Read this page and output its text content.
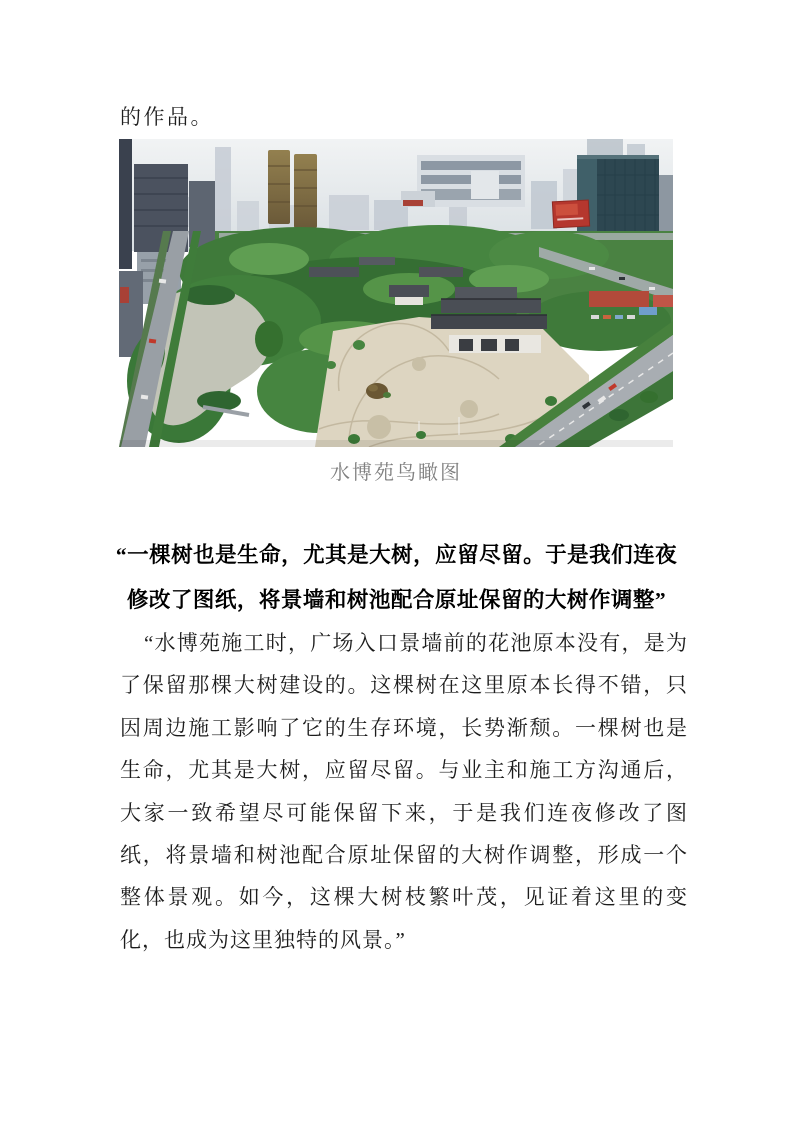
的作品。

水博苑鸟瞰图
“一棵树也是生命，尤其是大树，应留尽留。于是我们连夜
修改了图纸，将景墙和树池配合原址保留的大树作调整”

“水博苑施工时，广场入口景墙前的花池原本没有，是为了保留那棵大树建设的。这棵树在这里原本长得不错，只因周边施工影响了它的生存环境，长势渐颓。一棵树也是生命，尤其是大树，应留尽留。与业主和施工方沟通后，大家一致希望尽可能保留下来，于是我们连夜修改了图纸，将景墙和树池配合原址保留的大树作调整，形成一个整体景观。如今，这棵大树枝繁叶茂，见证着这里的变化，也成为这里独特的风景。”
